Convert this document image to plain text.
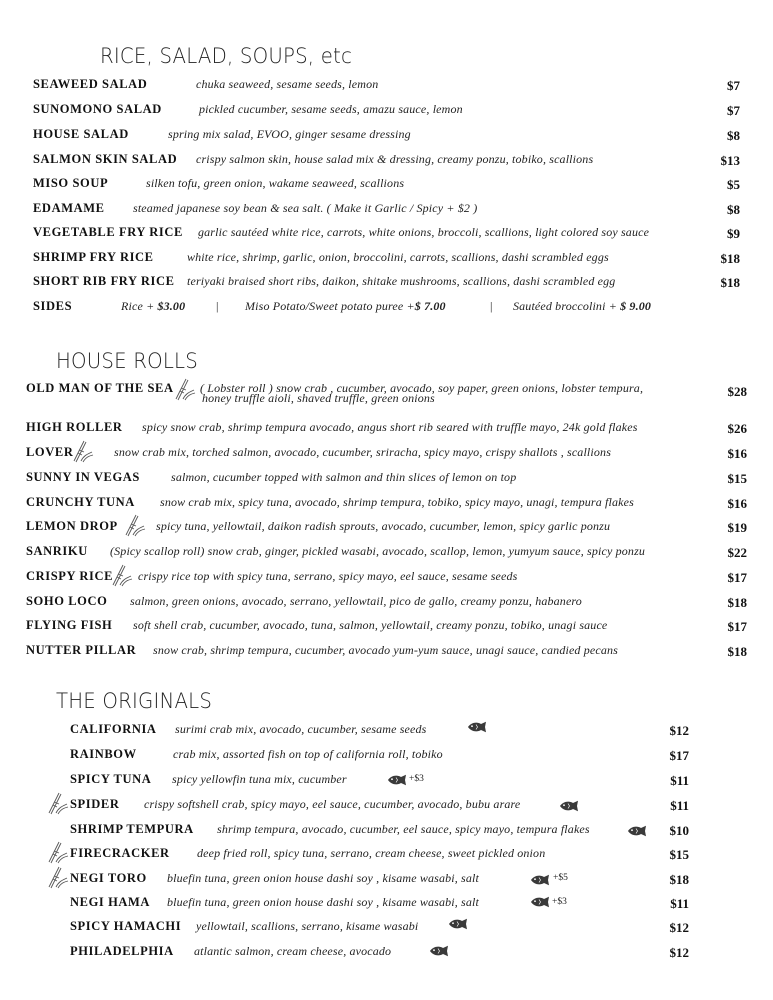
RICE, SALAD, SOUPS, etc
HOUSE ROLLS
THE ORIGINALS
SEAWEED SALAD	chuka seaweed, sesame seeds, lemon	$7
SUNOMONO SALAD	pickled cucumber, sesame seeds, amazu sauce, lemon	$7
HOUSE SALAD	spring mix salad, EVOO, ginger sesame dressing	$8
SALMON SKIN SALAD crispy salmon skin, house salad mix & dressing, creamy ponzu, tobiko, scallions	$13
MISO SOUP	silken tofu, green onion, wakame seaweed, scallions	$5
EDAMAME steamed japanese soy bean & sea salt. ( Make it Garlic / Spicy + $2 )	$8
VEGETABLE FRY RICE garlic sautéed white rice, carrots, white onions, broccoli, scallions, light colored soy sauce	$9
SHRIMP FRY RICE	white rice, shrimp, garlic, onion, broccolini, carrots, scallions, dashi scrambled eggs	$18
SHORT RIB FRY RICE teriyaki braised short ribs, daikon, shitake mushrooms, scallions, dashi scrambled egg	$18
SIDES	Rice + $3.00	| Miso Potato/Sweet potato puree +$ 7.00	| Sautéed broccolini + $ 9.00
OLD MAN OF THE SEA ( Lobster roll ) snow crab , cucumber, avocado, soy paper, green onions, lobster tempura,
honey truffle aioli, shaved truffle, green onions	$28
HIGH ROLLER spicy snow crab, shrimp tempura avocado, angus short rib seared with truffle mayo, 24k gold flakes	$26
LOVER	snow crab mix, torched salmon, avocado, cucumber, sriracha, spicy mayo, crispy shallots , scallions	$16
SUNNY IN VEGAS	salmon, cucumber topped with salmon and thin slices of lemon on top	$15
CRUNCHY TUNA snow crab mix, spicy tuna, avocado, shrimp tempura, tobiko, spicy mayo, unagi, tempura flakes	$16
LEMON DROP	spicy tuna, yellowtail, daikon radish sprouts, avocado, cucumber, lemon, spicy garlic ponzu	$19
SANRIKU (Spicy scallop roll) snow crab, ginger, pickled wasabi, avocado, scallop, lemon, yumyum sauce, spicy ponzu	$22
CRISPY RICE crispy rice top with spicy tuna, serrano, spicy mayo, eel sauce, sesame seeds	$17
SOHO LOCO salmon, green onions, avocado, serrano, yellowtail, pico de gallo, creamy ponzu, habanero	$18
FLYING FISH soft shell crab, cucumber, avocado, tuna, salmon, yellowtail, creamy ponzu, tobiko, unagi sauce	$17
NUTTER PILLAR snow crab, shrimp tempura, cucumber, avocado yum-yum sauce, unagi sauce, candied pecans	$18
CALIFORNIA surimi crab mix, avocado, cucumber, sesame seeds	$12
RAINBOW	crab mix, assorted fish on top of california roll, tobiko	$17
SPICY TUNA spicy yellowfin tuna mix, cucumber	+$3	$11
SPIDER crispy softshell crab, spicy mayo, eel sauce, cucumber, avocado, bubu arare	$11
SHRIMP TEMPURA shrimp tempura, avocado, cucumber, eel sauce, spicy mayo, tempura flakes	$10
FIRECRACKER deep fried roll, spicy tuna, serrano, cream cheese, sweet pickled onion	$15
NEGI TORO bluefin tuna, green onion house dashi soy , kisame wasabi, salt	+$5	$18
NEGI HAMA bluefin tuna, green onion house dashi soy , kisame wasabi, salt	+$3	$11
SPICY HAMACHI yellowtail, scallions, serrano, kisame wasabi	$12
PHILADELPHIA atlantic salmon, cream cheese, avocado	$12
